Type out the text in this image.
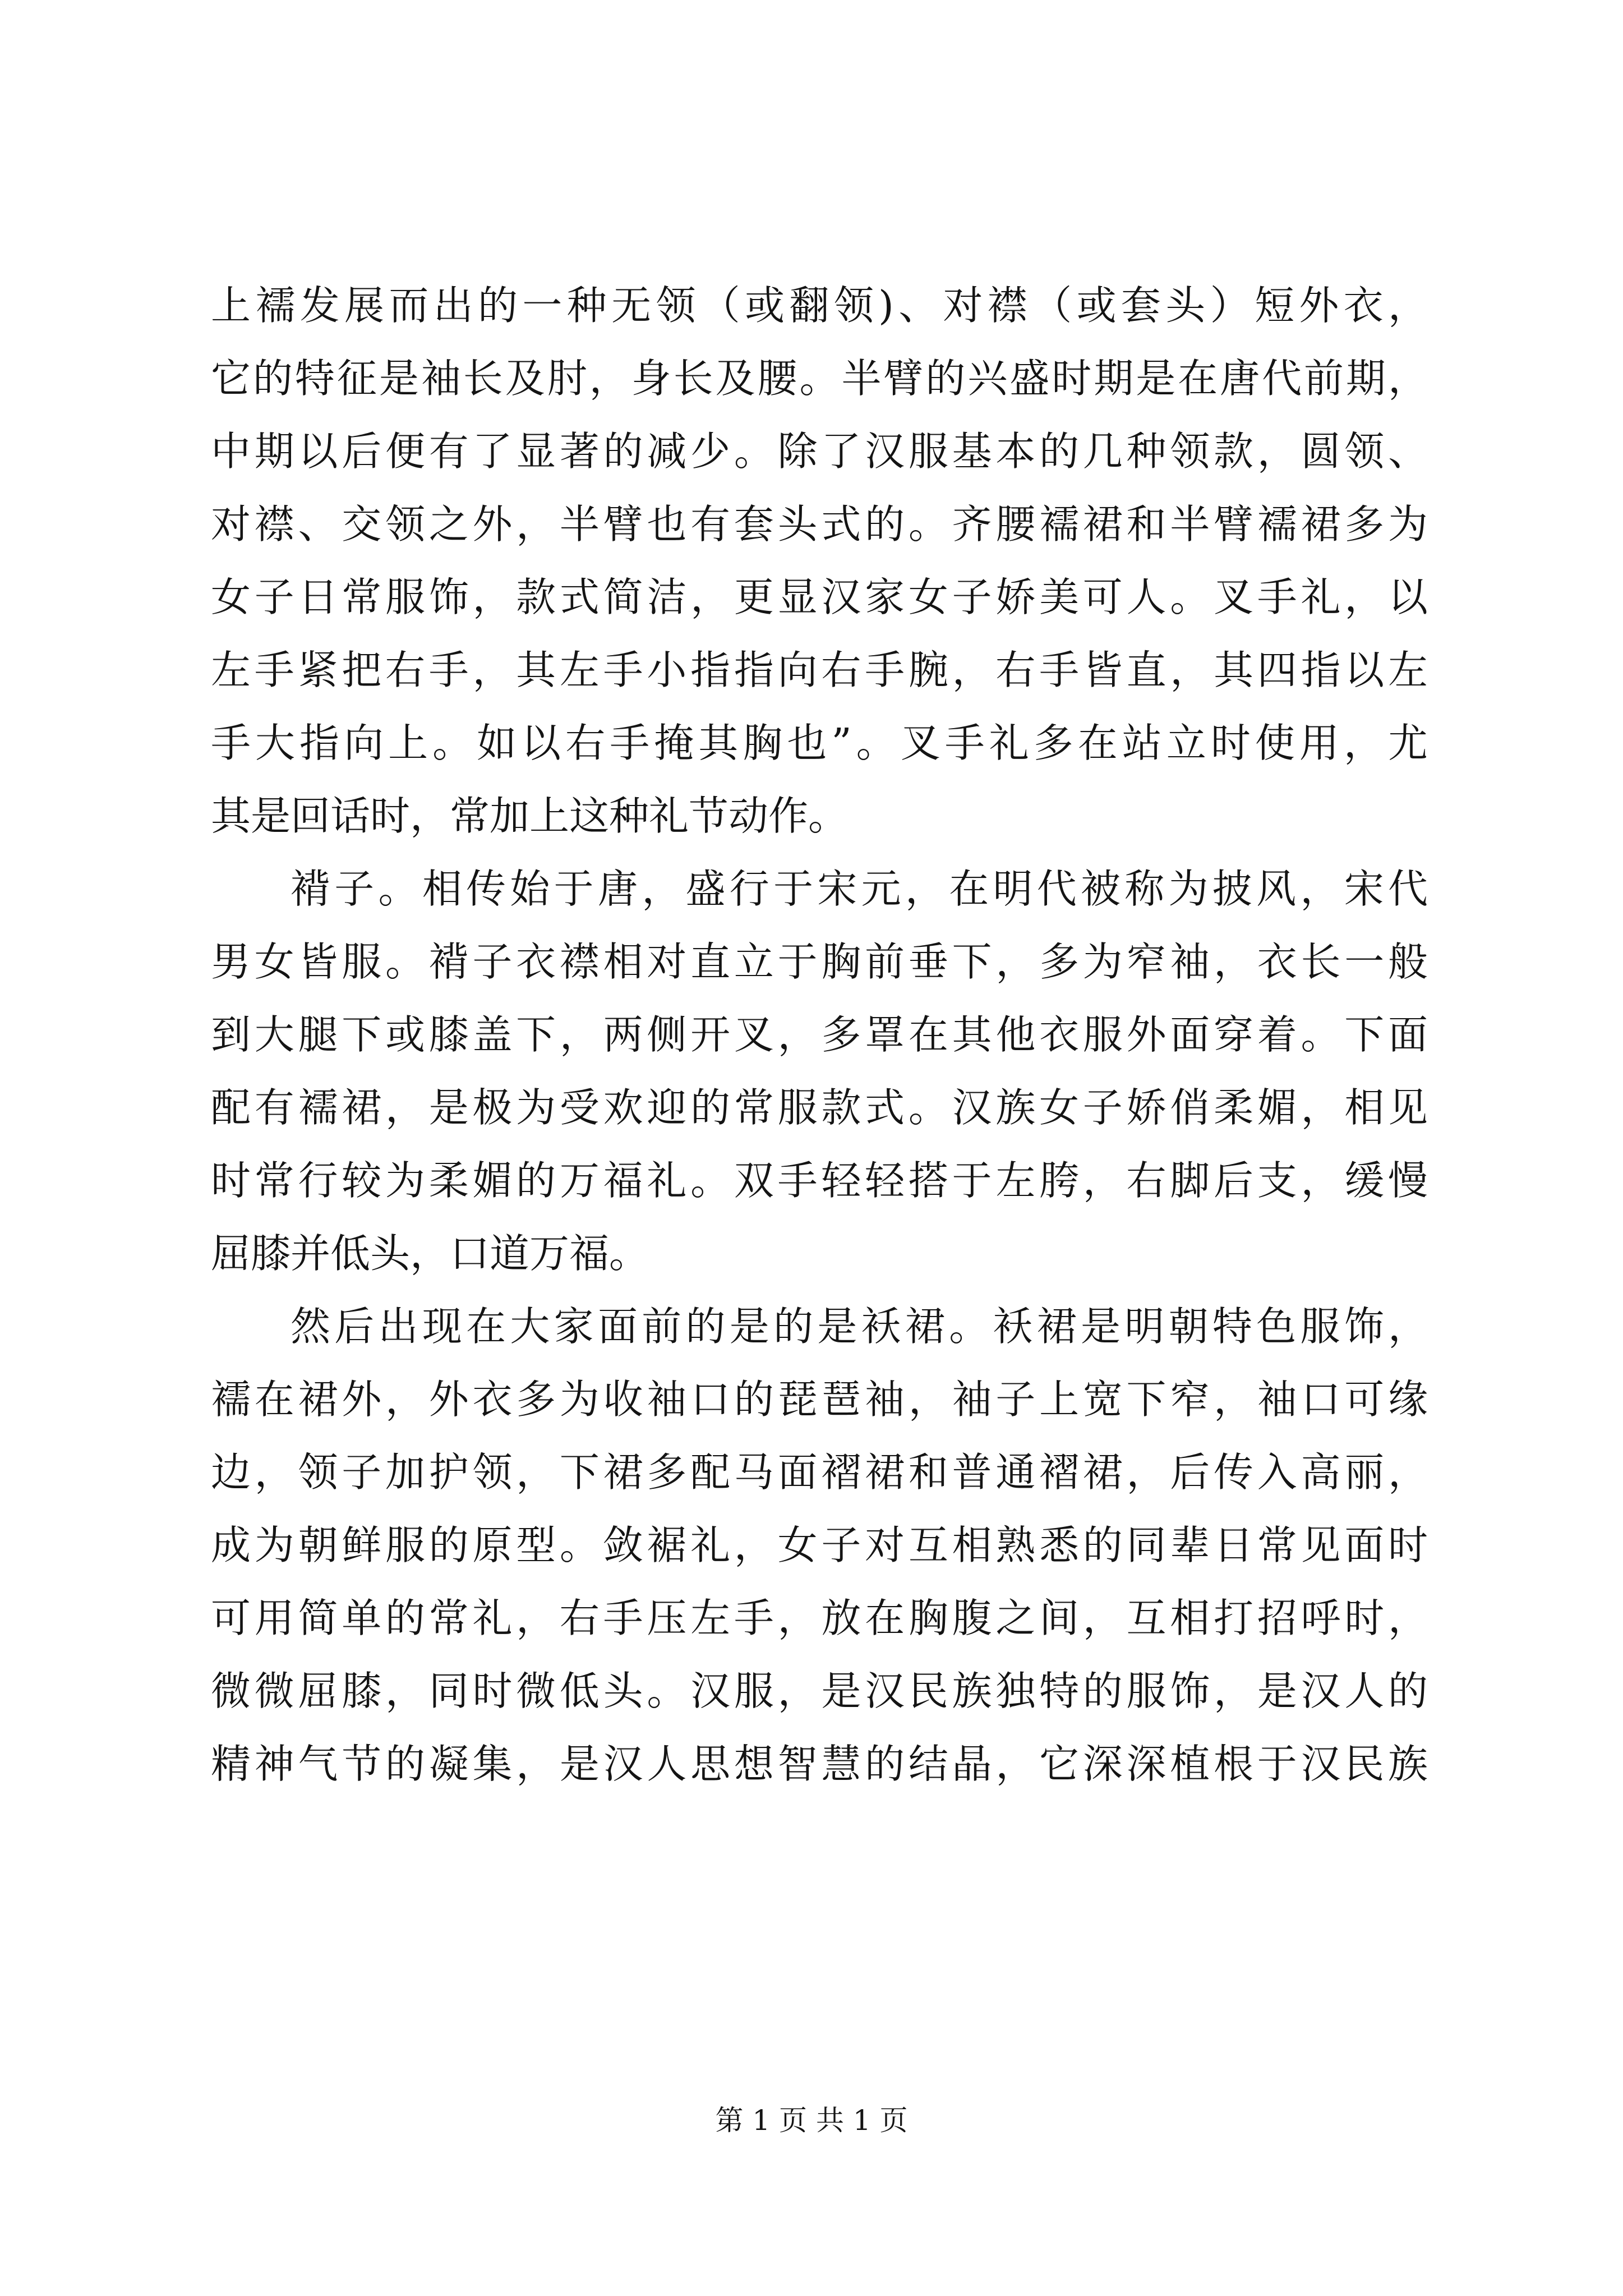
上襦发展而出的一种无领（或翻领)、对襟（或套头）短外衣，
它的特征是袖长及肘，身长及腰。半臂的兴盛时期是在唐代前期，
中期以后便有了显著的减少。除了汉服基本的几种领款，圆领、
对襟、交领之外，半臂也有套头式的。齐腰襦裙和半臂襦裙多为
女子日常服饰，款式简洁，更显汉家女子娇美可人。叉手礼，以
左手紧把右手，其左手小指指向右手腕，右手皆直，其四指以左
手大指向上。如以右手掩其胸也”。叉手礼多在站立时使用，尤
其是回话时，常加上这种礼节动作。
褙子。相传始于唐，盛行于宋元，在明代被称为披风，宋代
男女皆服。褙子衣襟相对直立于胸前垂下，多为窄袖，衣长一般
到大腿下或膝盖下，两侧开叉，多罩在其他衣服外面穿着。下面
配有襦裙，是极为受欢迎的常服款式。汉族女子娇俏柔媚，相见
时常行较为柔媚的万福礼。双手轻轻搭于左胯，右脚后支，缓慢
屈膝并低头，口道万福。
然后出现在大家面前的是的是袄裙。袄裙是明朝特色服饰，
襦在裙外，外衣多为收袖口的琵琶袖，袖子上宽下窄，袖口可缘
边，领子加护领，下裙多配马面褶裙和普通褶裙，后传入高丽，
成为朝鲜服的原型。敛裾礼，女子对互相熟悉的同辈日常见面时
可用简单的常礼，右手压左手，放在胸腹之间，互相打招呼时，
微微屈膝，同时微低头。汉服，是汉民族独特的服饰，是汉人的
精神气节的凝集，是汉人思想智慧的结晶，它深深植根于汉民族
第 1 页 共 1 页
